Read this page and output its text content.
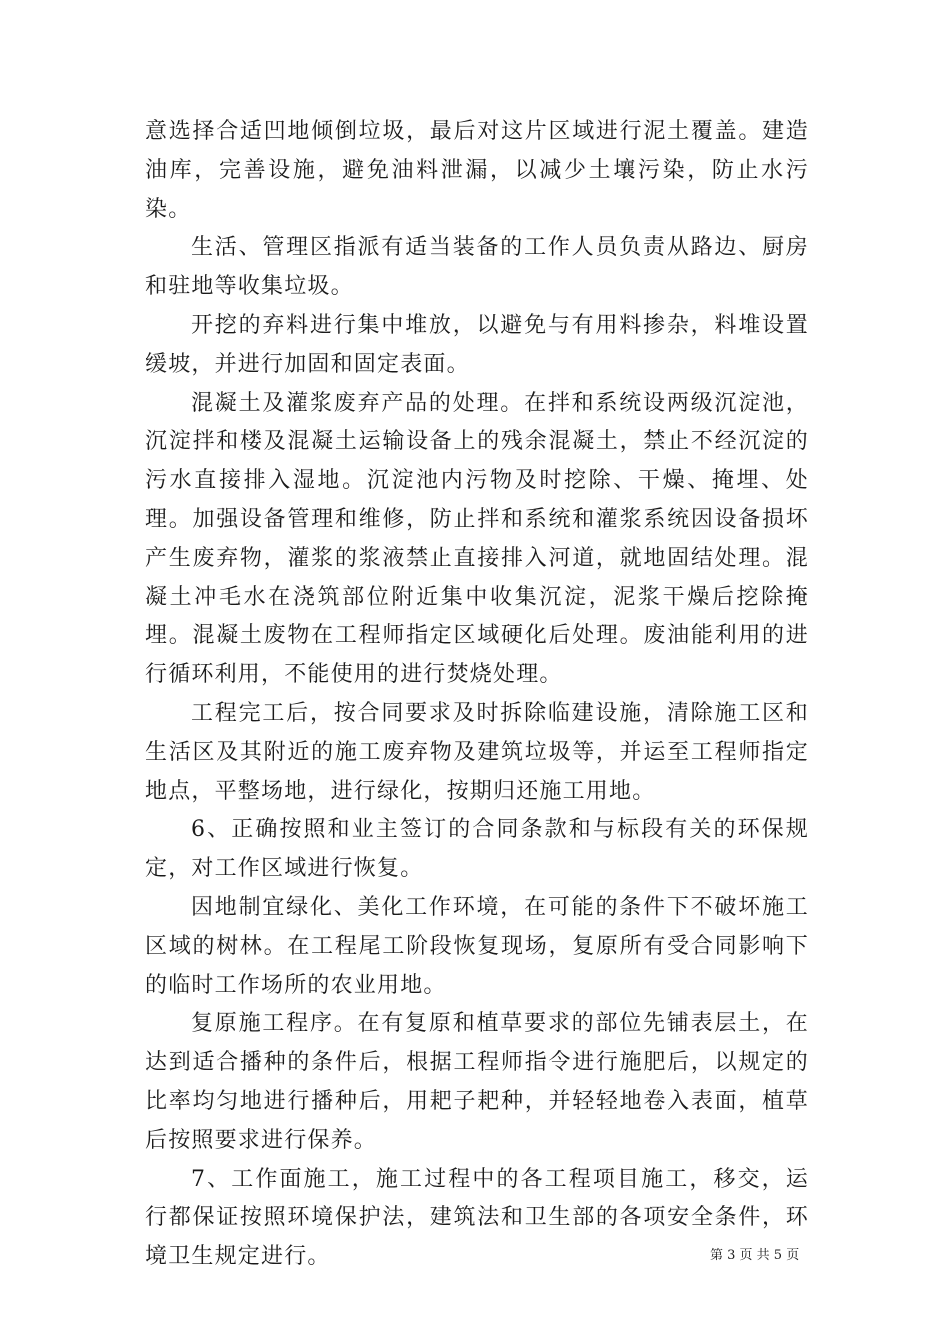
意选择合适凹地倾倒垃圾，最后对这片区域进行泥土覆盖。建造油库，完善设施，避免油料泄漏，以减少土壤污染，防止水污染。

生活、管理区指派有适当装备的工作人员负责从路边、厨房和驻地等收集垃圾。

开挖的弃料进行集中堆放，以避免与有用料掺杂，料堆设置缓坡，并进行加固和固定表面。

混凝土及灌浆废弃产品的处理。在拌和系统设两级沉淀池，沉淀拌和楼及混凝土运输设备上的残余混凝土，禁止不经沉淀的污水直接排入湿地。沉淀池内污物及时挖除、干燥、掩埋、处理。加强设备管理和维修，防止拌和系统和灌浆系统因设备损坏产生废弃物，灌浆的浆液禁止直接排入河道，就地固结处理。混凝土冲毛水在浇筑部位附近集中收集沉淀，泥浆干燥后挖除掩埋。混凝土废物在工程师指定区域硬化后处理。废油能利用的进行循环利用，不能使用的进行焚烧处理。

工程完工后，按合同要求及时拆除临建设施，清除施工区和生活区及其附近的施工废弃物及建筑垃圾等，并运至工程师指定地点，平整场地，进行绿化，按期归还施工用地。

6、正确按照和业主签订的合同条款和与标段有关的环保规定，对工作区域进行恢复。

因地制宜绿化、美化工作环境，在可能的条件下不破坏施工区域的树林。在工程尾工阶段恢复现场，复原所有受合同影响下的临时工作场所的农业用地。

复原施工程序。在有复原和植草要求的部位先铺表层土，在达到适合播种的条件后，根据工程师指令进行施肥后，以规定的比率均匀地进行播种后，用耙子耙种，并轻轻地卷入表面，植草后按照要求进行保养。

7、工作面施工，施工过程中的各工程项目施工，移交，运行都保证按照环境保护法，建筑法和卫生部的各项安全条件，环境卫生规定进行。	第 3 页 共 5 页
